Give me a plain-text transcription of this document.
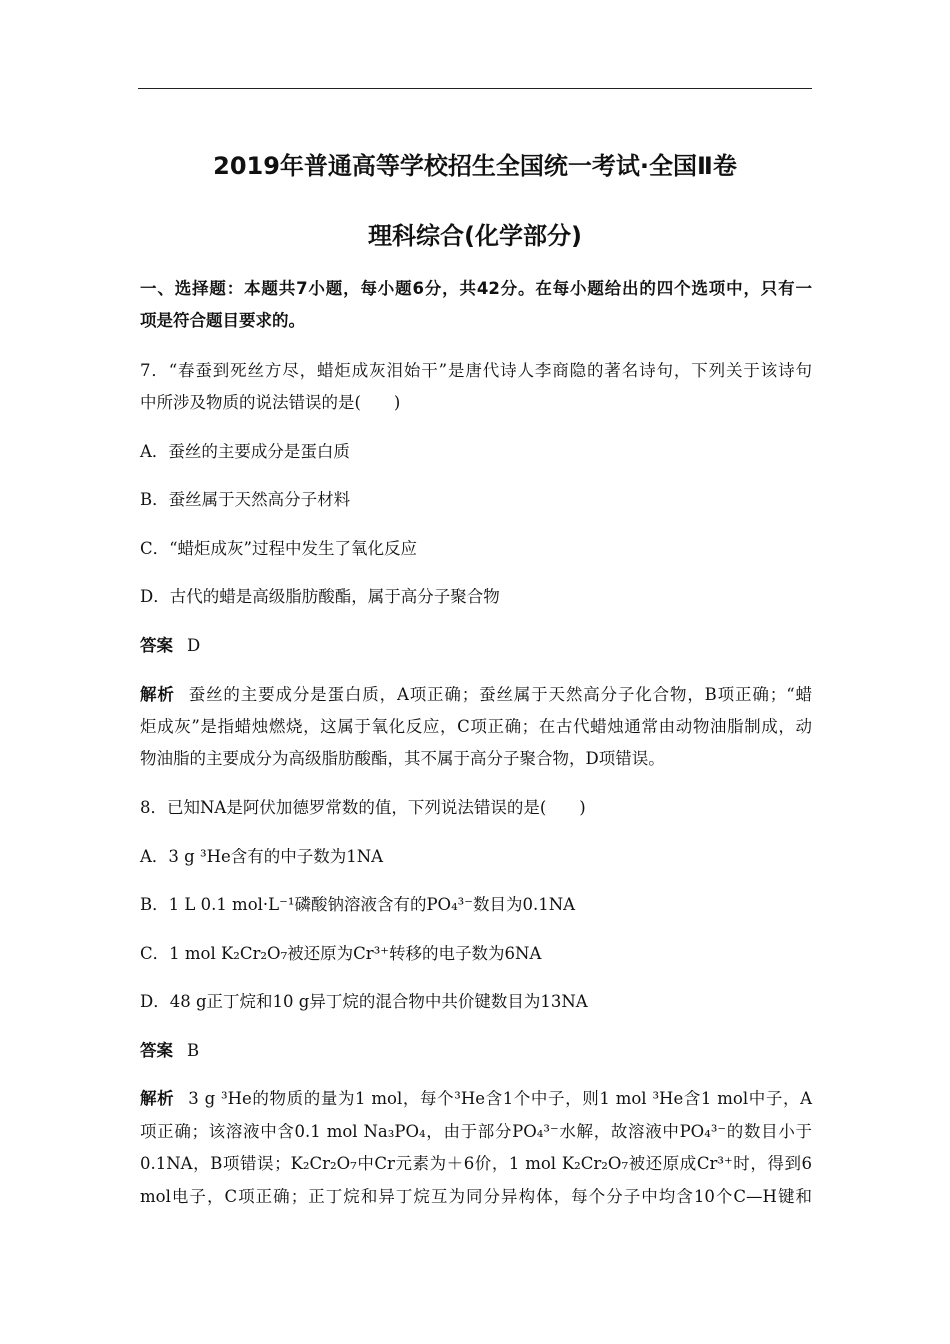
2019年普通高等学校招生全国统一考试·全国Ⅱ卷
理科综合(化学部分)
一、选择题：本题共7小题，每小题6分，共42分。在每小题给出的四个选项中，只有一
项是符合题目要求的。
7．“春蚕到死丝方尽，蜡炬成灰泪始干”是唐代诗人李商隐的著名诗句，下列关于该诗句
中所涉及物质的说法错误的是(　　)
A．蚕丝的主要成分是蛋白质
B．蚕丝属于天然高分子材料
C．“蜡炬成灰”过程中发生了氧化反应
D．古代的蜡是高级脂肪酸酯，属于高分子聚合物
答案 D
解析 蚕丝的主要成分是蛋白质，A项正确；蚕丝属于天然高分子化合物，B项正确；“蜡
炬成灰”是指蜡烛燃烧，这属于氧化反应，C项正确；在古代蜡烛通常由动物油脂制成，动
物油脂的主要成分为高级脂肪酸酯，其不属于高分子聚合物，D项错误。
8．已知NA是阿伏加德罗常数的值，下列说法错误的是(　　)
A．3 g ³He含有的中子数为1NA
B．1 L 0.1 mol·L⁻¹磷酸钠溶液含有的PO₄³⁻数目为0.1NA
C．1 mol K₂Cr₂O₇被还原为Cr³⁺转移的电子数为6NA
D．48 g正丁烷和10 g异丁烷的混合物中共价键数目为13NA
答案 B
解析 3 g ³He的物质的量为1 mol，每个³He含1个中子，则1 mol ³He含1 mol中子，A
项正确；该溶液中含0.1 mol Na₃PO₄，由于部分PO₄³⁻水解，故溶液中PO₄³⁻的数目小于
0.1NA，B项错误；K₂Cr₂O₇中Cr元素为＋6价，1 mol K₂Cr₂O₇被还原成Cr³⁺时，得到6
mol电子，C项正确；正丁烷和异丁烷互为同分异构体，每个分子中均含10个C—H键和
